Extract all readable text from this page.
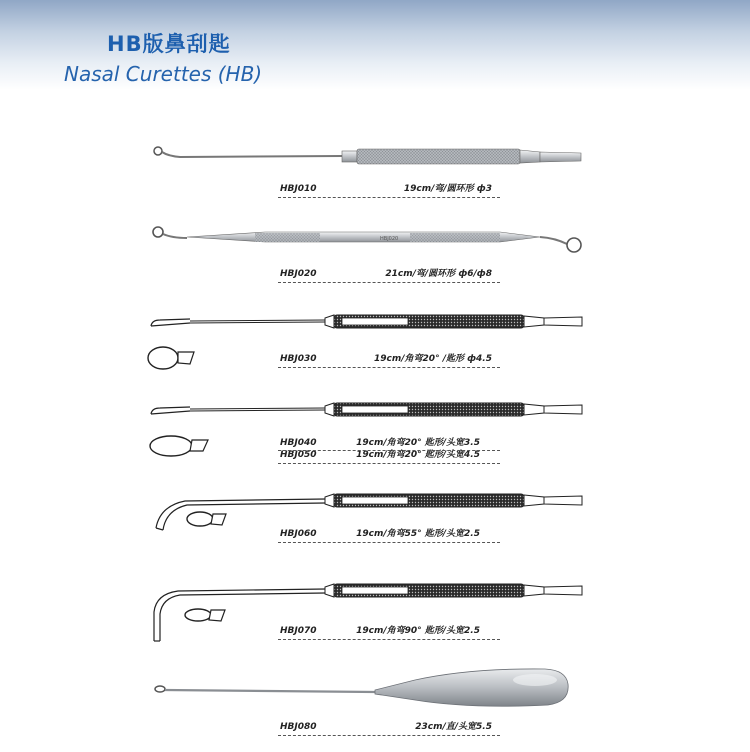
HB版鼻刮匙
Nasal Curettes (HB)
HBJ020
HBJ010	19cm/弯/圆环形 ф3
HBJ020	21cm/弯/圆环形 ф6/ф8
HBJ030	19cm/角弯20° /匙形 ф4.5
HBJ040	19cm/角弯20° 匙形/头宽3.5
HBJ050	19cm/角弯20° 匙形/头宽4.5
HBJ060	19cm/角弯55° 匙形/头宽2.5
HBJ070	19cm/角弯90° 匙形/头宽2.5
HBJ080	23cm/直/头宽5.5
